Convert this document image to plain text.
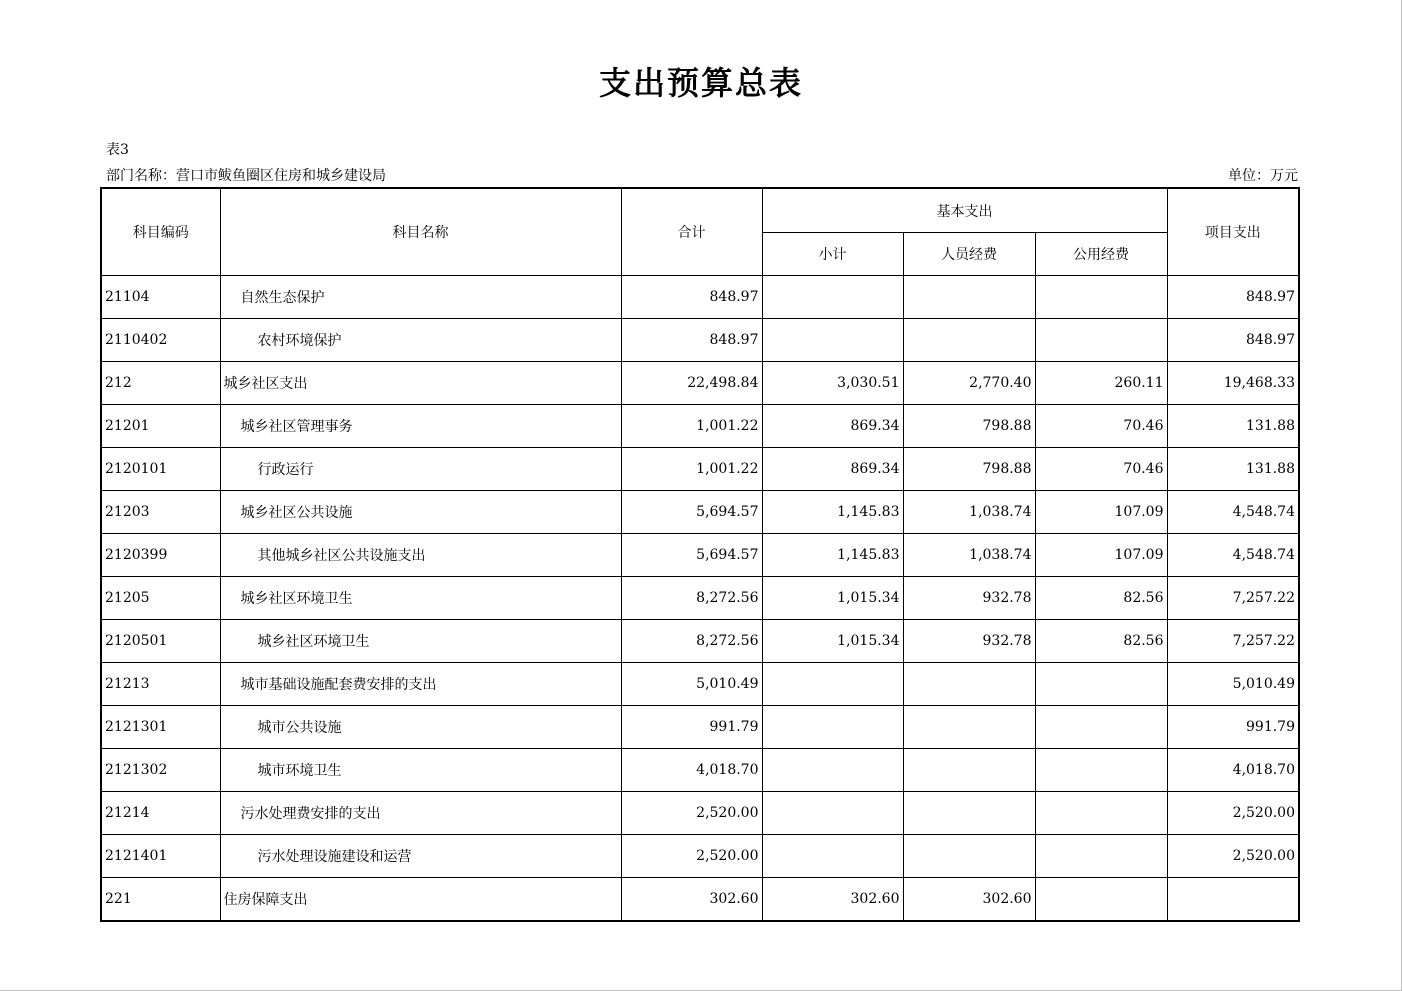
支出预算总表
表3
部门名称：营口市鲅鱼圈区住房和城乡建设局	单位：万元
科目编码	科目名称	合计	基本支出			项目支出
			小计	人员经费	公用经费	
21104	自然生态保护	848.97				848.97
2110402	农村环境保护	848.97				848.97
212	城乡社区支出	22,498.84	3,030.51	2,770.40	260.11	19,468.33
21201	城乡社区管理事务	1,001.22	869.34	798.88	70.46	131.88
2120101	行政运行	1,001.22	869.34	798.88	70.46	131.88
21203	城乡社区公共设施	5,694.57	1,145.83	1,038.74	107.09	4,548.74
2120399	其他城乡社区公共设施支出	5,694.57	1,145.83	1,038.74	107.09	4,548.74
21205	城乡社区环境卫生	8,272.56	1,015.34	932.78	82.56	7,257.22
2120501	城乡社区环境卫生	8,272.56	1,015.34	932.78	82.56	7,257.22
21213	城市基础设施配套费安排的支出	5,010.49				5,010.49
2121301	城市公共设施	991.79				991.79
2121302	城市环境卫生	4,018.70				4,018.70
21214	污水处理费安排的支出	2,520.00				2,520.00
2121401	污水处理设施建设和运营	2,520.00				2,520.00
221	住房保障支出	302.60	302.60	302.60		
